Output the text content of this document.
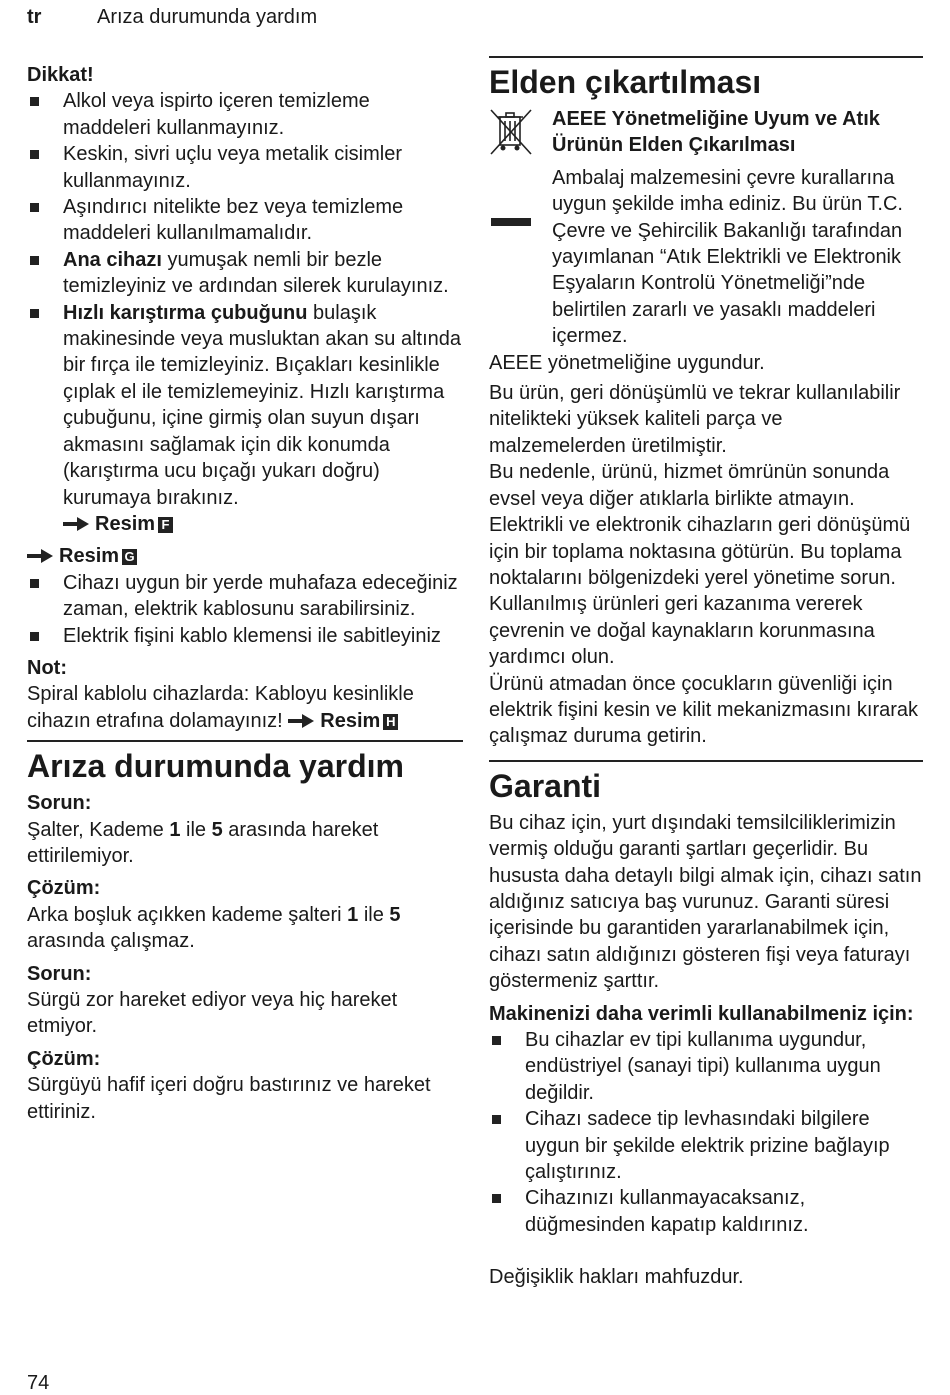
tr	Arıza durumunda yardım
Dikkat!
Alkol veya ispirto içeren temizleme maddeleri kullanmayınız.
Keskin, sivri uçlu veya metalik cisimler kullanmayınız.
Aşındırıcı nitelikte bez veya temizleme maddeleri kullanılmamalıdır.
Ana cihazı yumuşak nemli bir bezle temizleyiniz ve ardından silerek kurulayınız.
Hızlı karıştırma çubuğunu bulaşık makinesinde veya musluktan akan su altında bir fırça ile temizleyiniz. Bıçakları kesinlikle çıplak el ile temizlemeyiniz. Hızlı karıştırma çubuğunu, içine girmiş olan suyun dışarı akmasını sağlamak için dik konumda (karıştırma ucu bıçağı yukarı doğru) kurumaya bırakınız.
Resim F
Resim G
Cihazı uygun bir yerde muhafaza edeceğiniz zaman, elektrik kablosunu sarabilirsiniz.
Elektrik fişini kablo klemensi ile sabitleyiniz
Not:
Spiral kablolu cihazlarda: Kabloyu kesinlikle cihazın etrafına dolamayınız! Resim H
Arıza durumunda yardım
Sorun:
Şalter, Kademe 1 ile 5 arasında hareket ettirilemiyor.
Çözüm:
Arka boşluk açıkken kademe şalteri 1 ile 5 arasında çalışmaz.
Sorun:
Sürgü zor hareket ediyor veya hiç hareket etmiyor.
Çözüm:
Sürgüyü hafif içeri doğru bastırınız ve hareket ettiriniz.
Elden çıkartılması
AEEE Yönetmeliğine Uyum ve Atık Ürünün Elden Çıkarılması
Ambalaj malzemesini çevre kurallarına uygun şekilde imha ediniz. Bu ürün T.C. Çevre ve Şehircilik Bakanlığı tarafından yayımlanan “Atık Elektrikli ve Elektronik Eşyaların Kontrolü Yönetmeliği”nde belirtilen zararlı ve yasaklı maddeleri içermez.
AEEE yönetmeliğine uygundur.
Bu ürün, geri dönüşümlü ve tekrar kullanılabilir nitelikteki yüksek kaliteli parça ve malzemelerden üretilmiştir.
Bu nedenle, ürünü, hizmet ömrünün sonunda evsel veya diğer atıklarla birlikte atmayın. Elektrikli ve elektronik cihazların geri dönüşümü için bir toplama noktasına götürün. Bu toplama noktalarını bölgenizdeki yerel yönetime sorun.
Kullanılmış ürünleri geri kazanıma vererek çevrenin ve doğal kaynakların korunmasına yardımcı olun.
Ürünü atmadan önce çocukların güvenliği için elektrik fişini kesin ve kilit mekanizmasını kırarak çalışmaz duruma getirin.
Garanti
Bu cihaz için, yurt dışındaki temsilciliklerimizin vermiş olduğu garanti şartları geçerlidir. Bu hususta daha detaylı bilgi almak için, cihazı satın aldığınız satıcıya baş vurunuz. Garanti süresi içerisinde bu garantiden yararlanabilmek için, cihazı satın aldığınızı gösteren fişi veya faturayı göstermeniz şarttır.
Makinenizi daha verimli kullanabilmeniz için:
Bu cihazlar ev tipi kullanıma uygundur, endüstriyel (sanayi tipi) kullanıma uygun değildir.
Cihazı sadece tip levhasındaki bilgilere uygun bir şekilde elektrik prizine bağlayıp çalıştırınız.
Cihazınızı kullanmayacaksanız, düğmesinden kapatıp kaldırınız.
Değişiklik hakları mahfuzdur.
74
